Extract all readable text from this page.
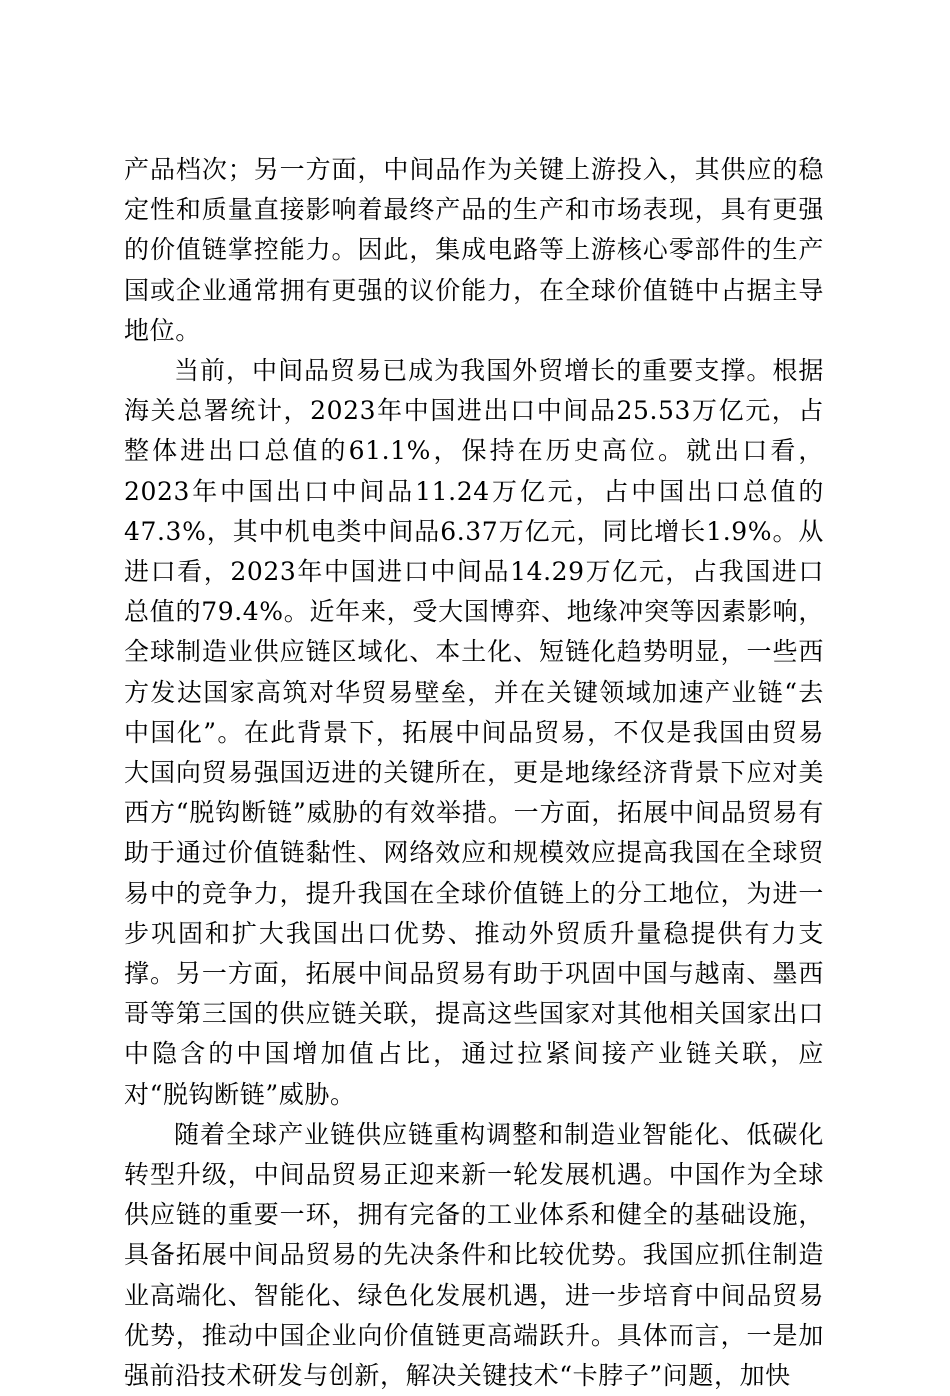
产品档次；另一方面，中间品作为关键上游投入，其供应的稳定性和质量直接影响着最终产品的生产和市场表现，具有更强的价值链掌控能力。因此，集成电路等上游核心零部件的生产国或企业通常拥有更强的议价能力，在全球价值链中占据主导地位。

当前，中间品贸易已成为我国外贸增长的重要支撑。根据海关总署统计，2023年中国进出口中间品25.53万亿元，占整体进出口总值的61.1%，保持在历史高位。就出口看，2023年中国出口中间品11.24万亿元，占中国出口总值的47.3%，其中机电类中间品6.37万亿元，同比增长1.9%。从进口看，2023年中国进口中间品14.29万亿元，占我国进口总值的79.4%。近年来，受大国博弈、地缘冲突等因素影响，全球制造业供应链区域化、本土化、短链化趋势明显，一些西方发达国家高筑对华贸易壁垒，并在关键领域加速产业链“去中国化”。在此背景下，拓展中间品贸易，不仅是我国由贸易大国向贸易强国迈进的关键所在，更是地缘经济背景下应对美西方“脱钩断链”威胁的有效举措。一方面，拓展中间品贸易有助于通过价值链黏性、网络效应和规模效应提高我国在全球贸易中的竞争力，提升我国在全球价值链上的分工地位，为进一步巩固和扩大我国出口优势、推动外贸质升量稳提供有力支撑。另一方面，拓展中间品贸易有助于巩固中国与越南、墨西哥等第三国的供应链关联，提高这些国家对其他相关国家出口中隐含的中国增加值占比，通过拉紧间接产业链关联，应对“脱钩断链”威胁。

随着全球产业链供应链重构调整和制造业智能化、低碳化转型升级，中间品贸易正迎来新一轮发展机遇。中国作为全球供应链的重要一环，拥有完备的工业体系和健全的基础设施，具备拓展中间品贸易的先决条件和比较优势。我国应抓住制造业高端化、智能化、绿色化发展机遇，进一步培育中间品贸易优势，推动中国企业向价值链更高端跃升。具体而言，一是加强前沿技术研发与创新，解决关键技术“卡脖子”问题，加快
